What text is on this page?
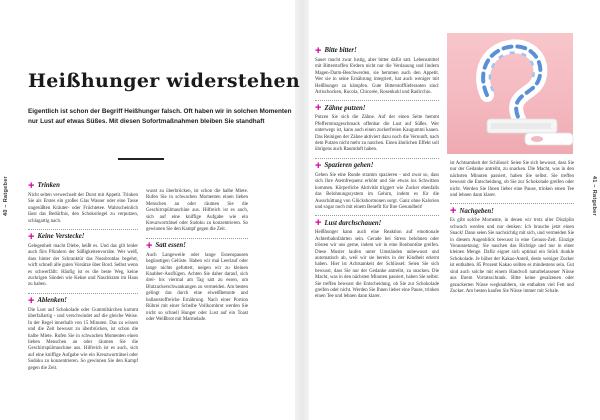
40 – Ratgeber	41 – Ratgeber
Heißhunger widerstehen
Eigentlich ist schon der Begriff Heißhunger falsch. Oft haben wir in solchen Momenten nur Lust auf etwas Süßes. Mit diesen Sofortmaßnahmen bleiben Sie standhaft
+ Trinken

Nicht selten verwechselt der Durst mit Appetit. Trinken Sie als Erstes ein großes Glas Wasser oder eine Tasse ungesüßten Kräuter- oder Früchtetee. Wahrscheinlich lässt das Bedürfnis, den Schokoriegel zu verputzen, schlagartig nach.

+ Keine Verstecke!

Gelegenheit macht Diebe, heißt es. Und das gilt leider auch fürs Plündern der Süßigkeitenvorräte. Wer weiß, dass hinter der Schranktür das Nussbrotdas begehrt, wirft schnell alle guten Vorsätze über Bord. Selbst wenn es schwerfällt: Häufig ist es die beste Weg, keine zuckrigen Sünden wie Kekse und Naschkram im Haus zu haben.

+ Ablenken!

Die Lust auf Schokolade oder Gummibärchen kommt überfallartig - und verschwindet auf die gleiche Weise. In der Regel innerhalb von 15 Minuten. Das zu wissen und die Zeit bewusst zu überbrücken, ist schon die halbe Miete. Rufen Sie in schwachen Momenten einen lieben Menschen an oder räumen Sie die Geschirrspülmaschine aus. Hilfreich ist es auch, sich auf eine kniffige Aufgabe wie ein Kreuzworträtsel oder Sudoku zu konzentrieren. So gewinnen Sie den Kampf gegen die Zeit.

wusst zu überbrücken, ist schon die halbe Miete. Rufen Sie in schwachen Momenten einen lieben Menschen an oder räumen Sie die Geschirrspülmaschine aus. Hilfreich ist es auch, sich auf eine kniffige Aufgabe wie ein Kreuzworträtsel oder Sudoku zu konzentrieren. So gewinnen Sie den Kampf gegen die Zeit.

+ Satt essen!

Auch Langeweile oder lange Essenspausen begünstigen Gelüste. Haben wir mal Leerlauf oder lange nichts gefuttert, neigen wir zu kleinen Knabber-Ausflügen. Achten Sie daher darauf, sich drei- bis viermal am Tag satt zu essen, um Blutzuckerschwankungen zu vermeiden. Am besten gelingt das durch eine eiweißbetonte und ballaststoffreiche Ernährung. Nach einer Portion Rührei mit einer Scheibe Vollkornbrot werden Sie nicht so schnell Hunger oder Lust auf ein Toast oder Weißbrot mit Marmelade.

+ Bitte bitter!

Sauer macht zwar lustig, aber bitter dafür satt. Lebensmittel mit Bitterstoffen fördern nicht nur die Verdauung und lindern Magen-Darm-Beschwerden, sie hemmen auch den Appetit. Wer sie in seine Ernährung integriert, hat auch weniger mit Heißhunger zu kämpfen. Gute Bitterstofflieferanten sind: Artischocken, Rucola, Chicorée, Rosenkohl und Radicchio.

+ Zähne putzen!

Putzen Sie sich die Zähne. Auf der einen Seite hemmt Pfefferminzgeschmack offenbar die Lust auf Süßes. Wer unterwegs ist, kann auch einen zuckerfreien Kaugummi kauen. Das Reinigen der Zähne aktiviert dazu noch die Vernunft, nach dem Putzen nicht mehr zu naschen. Einen ähnlichen Effekt soll übrigens auch Raumduft haben.

+ Spazieren gehen!

Gehen Sie eine Runde stramm spazieren - und zwar so, dass sich Ihre Atemfrequenz erhöht und Sie etwas ins Schwitzen kommen. Körperliche Aktivität triggert wie Zucker ebenfalls das Belohnungssystem im Gehirn, indem es für die Ausschüttung von Glückshormonen sorgt. Ganz ohne Kalorien und sogar noch mit einem Benefit für Ihre Gesundheit!

+ Lust durchschauen!

Heißhunger kann auch eine Reaktion auf emotionale Achterbahnfahrten sein. Gerade bei Stress belohnen oder trösten wir uns gerne, indem wir in eine Bonbontüte greifen. Diese Muster laufen unter Umständen unbewusst und automatisch ab, weil wir sie bereits in der Kindheit erlernt haben. Hier ist Achtsamkeit der Schlüssel: Seien Sie sich bewusst, dass Sie nur der Gedanke antreibt, zu snacken. Die Macht, was in den nächsten Minuten passiert, haben Sie selbst. Sie treffen bewusst die Entscheidung, ob Sie zur Schokolade greifen oder nicht. Werden Sie Ihnen lieber eine Pause, trinken einen Tee und lehnen dann klarer.

ist Achtsamkeit der Schlüssel: Seien Sie sich bewusst, dass Sie nur der Gedanke antreibt, zu snacken. Die Macht, was in den nächsten Minuten passiert, haben Sie selbst. Sie treffen bewusst die Entscheidung, ob Sie zur Schokolade greifen oder nicht. Werden Sie Ihnen lieber eine Pause, trinken einen Tee und lehnen dann klarer.

+ Nachgeben!

Es gibt solche Momente, in denen wir trotz aller Disziplin schwach werden und nur denken: Ich brauche jetzt einen Snack! Dann seien Sie nachsichtig mit sich, und vermeiden Sie in diesem Augenblick bewusst in eine Genuss-Zeit. Einzige Voraussetzung: Sie naschen das Richtige und nur in einer kleinen Menge. Dafür eignet sich optimal ein Stück dunkle Schokolade. Je höher der Kakao-Anteil, desto weniger Zucker ist enthalten. 85 Prozent Kakao sollten es mindestens sein. Gut sind auch solche mit einem Handvoll naturbelassener Nüsse aus Ihrem Vorratsschrank. Bitte keine gesalzenen oder gezuckerten Nüsse wegknabbern, sie enthalten viel Fett und Zucker. Am besten kaufen Sie Nüsse immer mit Schale.
